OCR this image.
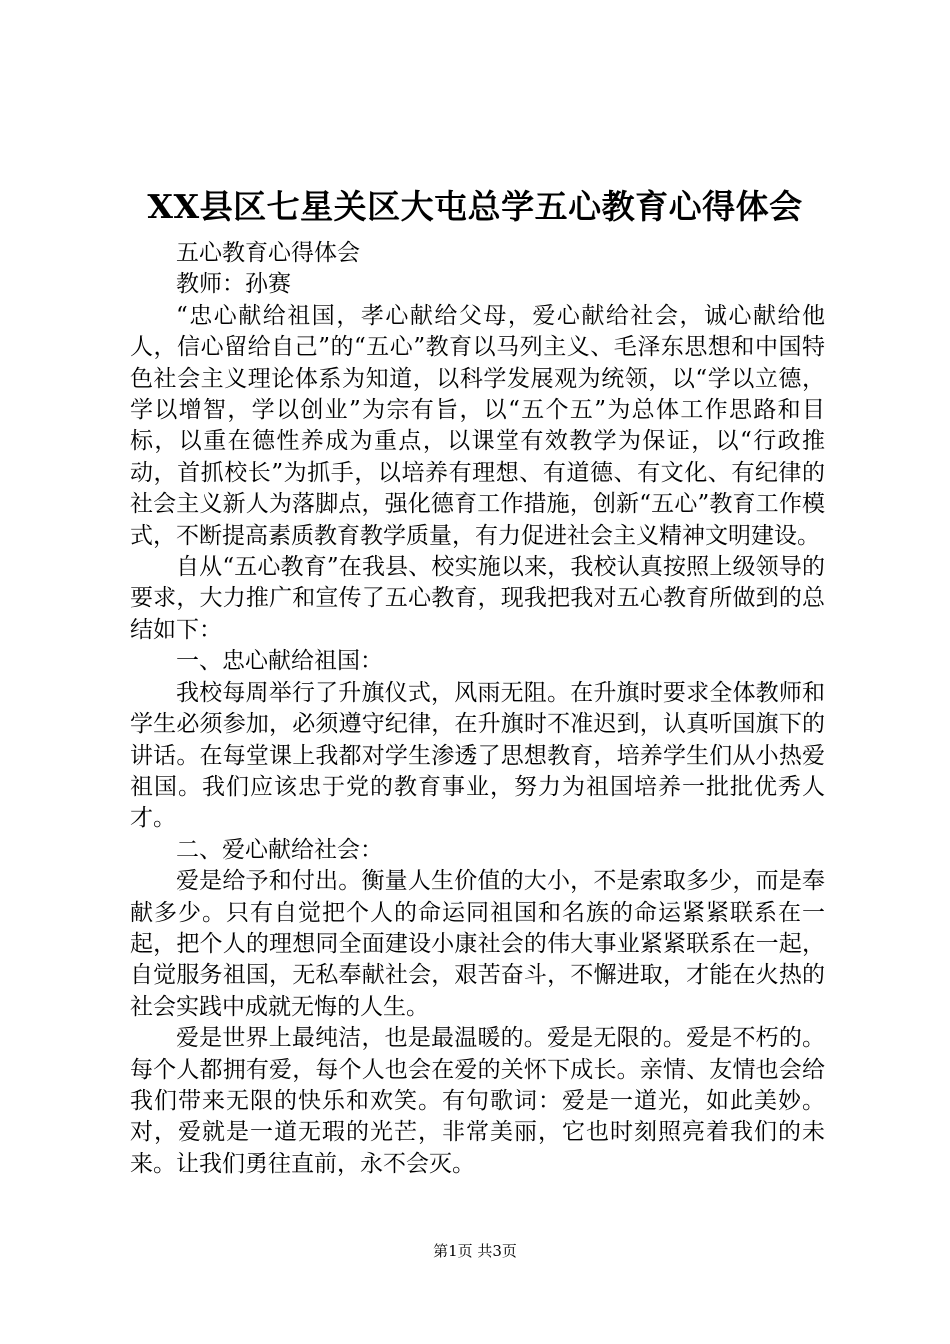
XX县区七星关区大屯总学五心教育心得体会

五心教育心得体会

教师：孙赛

“忠心献给祖国，孝心献给父母，爱心献给社会，诚心献给他人，信心留给自己”的“五心”教育以马列主义、毛泽东思想和中国特色社会主义理论体系为知道，以科学发展观为统领，以“学以立德，学以增智，学以创业”为宗有旨，以“五个五”为总体工作思路和目标，以重在德性养成为重点，以课堂有效教学为保证，以“行政推动，首抓校长”为抓手，以培养有理想、有道德、有文化、有纪律的社会主义新人为落脚点，强化德育工作措施，创新“五心”教育工作模式，不断提高素质教育教学质量，有力促进社会主义精神文明建设。

自从“五心教育”在我县、校实施以来，我校认真按照上级领导的要求，大力推广和宣传了五心教育，现我把我对五心教育所做到的总结如下：

一、忠心献给祖国：

我校每周举行了升旗仪式，风雨无阻。在升旗时要求全体教师和学生必须参加，必须遵守纪律，在升旗时不准迟到，认真听国旗下的讲话。在每堂课上我都对学生渗透了思想教育，培养学生们从小热爱祖国。我们应该忠于党的教育事业，努力为祖国培养一批批优秀人才。

二、爱心献给社会：

爱是给予和付出。衡量人生价值的大小，不是索取多少，而是奉献多少。只有自觉把个人的命运同祖国和名族的命运紧紧联系在一起，把个人的理想同全面建设小康社会的伟大事业紧紧联系在一起，自觉服务祖国，无私奉献社会，艰苦奋斗，不懈进取，才能在火热的社会实践中成就无悔的人生。

爱是世界上最纯洁，也是最温暖的。爱是无限的。爱是不朽的。每个人都拥有爱，每个人也会在爱的关怀下成长。亲情、友情也会给我们带来无限的快乐和欢笑。有句歌词：爱是一道光，如此美妙。对，爱就是一道无瑕的光芒，非常美丽，它也时刻照亮着我们的未来。让我们勇往直前，永不会灭。

第1页 共3页
